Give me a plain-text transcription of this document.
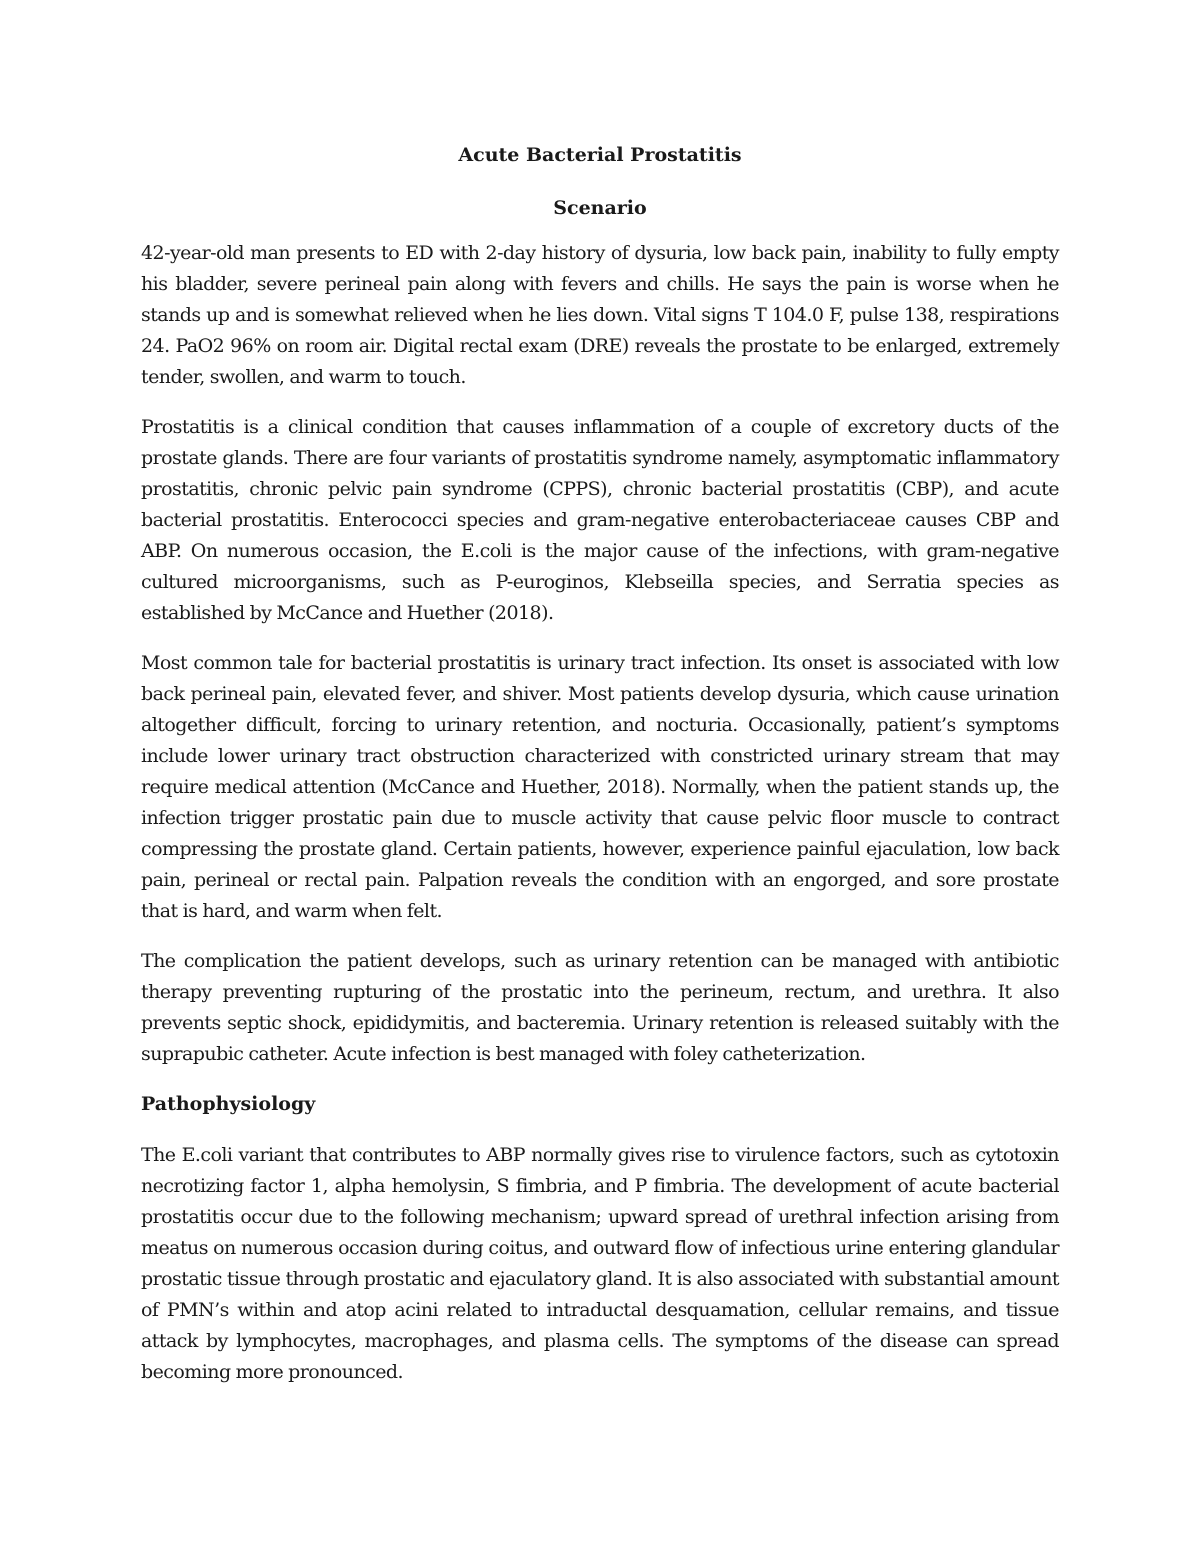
Acute Bacterial Prostatitis
Scenario

42-year-old man presents to ED with 2-day history of dysuria, low back pain, inability to fully empty his bladder, severe perineal pain along with fevers and chills. He says the pain is worse when he stands up and is somewhat relieved when he lies down. Vital signs T 104.0 F, pulse 138, respirations 24. PaO2 96% on room air. Digital rectal exam (DRE) reveals the prostate to be enlarged, extremely tender, swollen, and warm to touch.

Prostatitis is a clinical condition that causes inflammation of a couple of excretory ducts of the prostate glands. There are four variants of prostatitis syndrome namely, asymptomatic inflammatory prostatitis, chronic pelvic pain syndrome (CPPS), chronic bacterial prostatitis (CBP), and acute bacterial prostatitis. Enterococci species and gram-negative enterobacteriaceae causes CBP and ABP. On numerous occasion, the E.coli is the major cause of the infections, with gram-negative cultured microorganisms, such as P-euroginos, Klebseilla species, and Serratia species as established by McCance and Huether (2018).

Most common tale for bacterial prostatitis is urinary tract infection. Its onset is associated with low back perineal pain, elevated fever, and shiver. Most patients develop dysuria, which cause urination altogether difficult, forcing to urinary retention, and nocturia. Occasionally, patient’s symptoms include lower urinary tract obstruction characterized with constricted urinary stream that may require medical attention (McCance and Huether, 2018). Normally, when the patient stands up, the infection trigger prostatic pain due to muscle activity that cause pelvic floor muscle to contract compressing the prostate gland. Certain patients, however, experience painful ejaculation, low back pain, perineal or rectal pain. Palpation reveals the condition with an engorged, and sore prostate that is hard, and warm when felt.

The complication the patient develops, such as urinary retention can be managed with antibiotic therapy preventing rupturing of the prostatic into the perineum, rectum, and urethra. It also prevents septic shock, epididymitis, and bacteremia. Urinary retention is released suitably with the suprapubic catheter. Acute infection is best managed with foley catheterization.

Pathophysiology

The E.coli variant that contributes to ABP normally gives rise to virulence factors, such as cytotoxin necrotizing factor 1, alpha hemolysin, S fimbria, and P fimbria. The development of acute bacterial prostatitis occur due to the following mechanism; upward spread of urethral infection arising from meatus on numerous occasion during coitus, and outward flow of infectious urine entering glandular prostatic tissue through prostatic and ejaculatory gland. It is also associated with substantial amount of PMN’s within and atop acini related to intraductal desquamation, cellular remains, and tissue attack by lymphocytes, macrophages, and plasma cells. The symptoms of the disease can spread becoming more pronounced.
